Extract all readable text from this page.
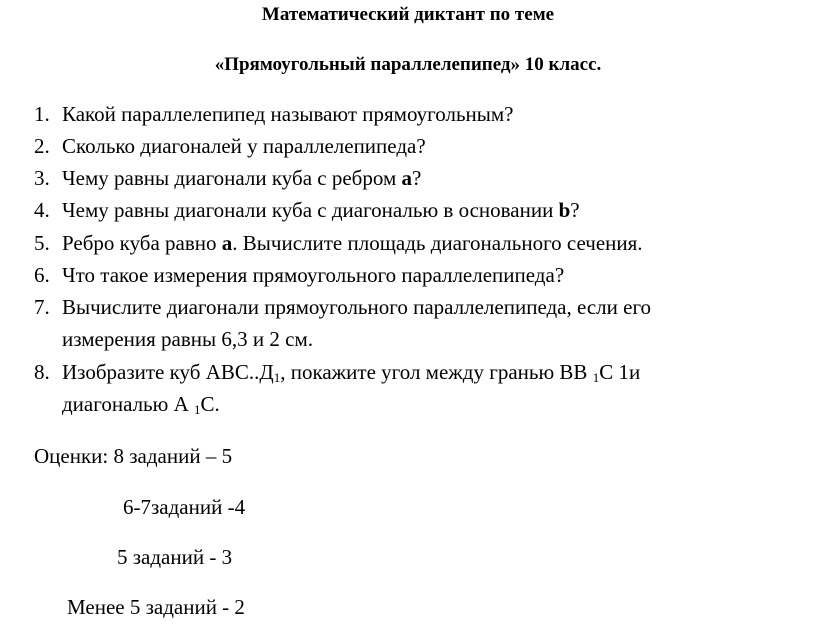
Математический диктант по теме
«Прямоугольный параллелепипед» 10 класс.
1. Какой параллелепипед называют прямоугольным?
2. Сколько диагоналей у параллелепипеда?
3. Чему равны диагонали куба с ребром а?
4. Чему равны диагонали куба с диагональю в основании b?
5. Ребро куба равно а. Вычислите площадь диагонального сечения.
6. Что такое измерения прямоугольного параллелепипеда?
7. Вычислите диагонали прямоугольного параллелепипеда, если его
измерения равны 6,3 и 2 см.
8. Изобразите куб $АВС..Д_1$, покажите угол между гранью ВВ $_1$С 1и
диагональю А $_1$С.
Оценки: 8 заданий – 5
6-7заданий -4
5 заданий - 3
Менее 5 заданий - 2
